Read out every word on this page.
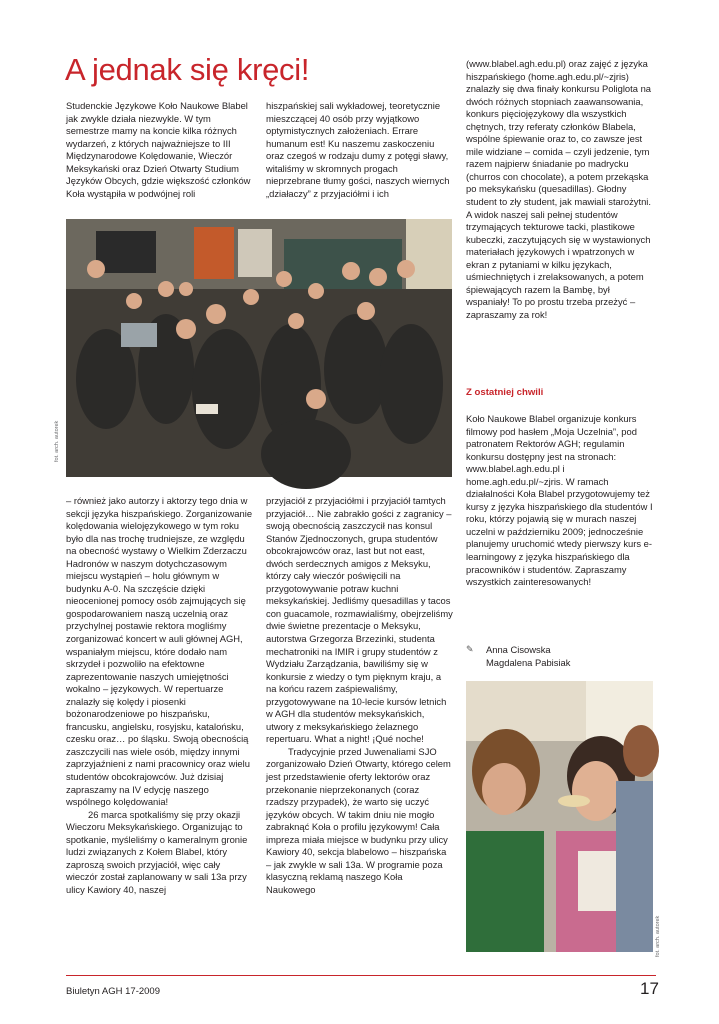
A jednak się kręci!

Studenckie Językowe Koło Naukowe Blabel jak zwykle działa niezwykle. W tym semestrze mamy na koncie kilka różnych wydarzeń, z których najważniejsze to III Międzynarodowe Kolędowanie, Wieczór Meksykański oraz Dzień Otwarty Studium Języków Obcych, gdzie większość członków Koła wystąpiła w podwójnej roli

hiszpańskiej sali wykładowej, teoretycznie mieszczącej 40 osób przy wyjątkowo optymistycznych założeniach. Errare humanum est! Ku naszemu zaskoczeniu oraz czegoś w rodzaju dumy z potęgi sławy, witaliśmy w skromnych progach nieprzebrane tłumy gości, naszych wiernych „działaczy” z przyjaciółmi i ich

fot. arch. autorek

– również jako autorzy i aktorzy tego dnia w sekcji języka hiszpańskiego. Zorganizowanie kolędowania wielojęzykowego w tym roku było dla nas trochę trudniejsze, ze względu na obecność wystawy o Wielkim Zderzaczu Hadronów w naszym dotychczasowym miejscu wystąpień – holu głównym w budynku A-0. Na szczęście dzięki nieocenionej pomocy osób zajmujących się gospodarowaniem naszą uczelnią oraz przychylnej postawie rektora mogliśmy zorganizować koncert w auli głównej AGH, wspaniałym miejscu, które dodało nam skrzydeł i pozwoliło na efektowne zaprezentowanie naszych umiejętności wokalno – językowych. W repertuarze znalazły się kolędy i piosenki bożonarodzeniowe po hiszpańsku, francusku, angielsku, rosyjsku, katalońsku, czesku oraz… po śląsku. Swoją obecnością zaszczycili nas wiele osób, między innymi zaprzyjaźnieni z nami pracownicy oraz wielu studentów obcokrajowców. Już dzisiaj zapraszamy na IV edycję naszego wspólnego kolędowania!

26 marca spotkaliśmy się przy okazji Wieczoru Meksykańskiego. Organizując to spotkanie, myśleliśmy o kameralnym gronie ludzi związanych z Kołem Blabel, który zaproszą swoich przyjaciół, więc cały wieczór został zaplanowany w sali 13a przy ulicy Kawiory 40, naszej

przyjaciół z przyjaciółmi i przyjaciół tamtych przyjaciół… Nie zabrakło gości z zagranicy – swoją obecnością zaszczycił nas konsul Stanów Zjednoczonych, grupa studentów obcokrajowców oraz, last but not east, dwóch serdecznych amigos z Meksyku, którzy cały wieczór poświęcili na przygotowywanie potraw kuchni meksykańskiej. Jedliśmy quesadillas y tacos con guacamole, rozmawialiśmy, obejrzeliśmy dwie świetne prezentacje o Meksyku, autorstwa Grzegorza Brzezinki, studenta mechatroniki na IMIR i grupy studentów z Wydziału Zarządzania, bawiliśmy się w konkursie z wiedzy o tym pięknym kraju, a na końcu razem zaśpiewaliśmy, przygotowywane na 10-lecie kursów letnich w AGH dla studentów meksykańskich, utwory z meksykańskiego żelaznego repertuaru. What a night! ¡Qué noche!

Tradycyjnie przed Juwenaliami SJO zorganizowało Dzień Otwarty, którego celem jest przedstawienie oferty lektorów oraz przekonanie nieprzekonanych (coraz rzadszy przypadek), że warto się uczyć języków obcych. W takim dniu nie mogło zabraknąć Koła o profilu językowym! Cała impreza miała miejsce w budynku przy ulicy Kawiory 40, sekcja blabelowo – hiszpańska – jak zwykle w sali 13a. W programie poza klasyczną reklamą naszego Koła Naukowego

(www.blabel.agh.edu.pl) oraz zajęć z języka hiszpańskiego (home.agh.edu.pl/~zjris) znalazły się dwa finały konkursu Poliglota na dwóch różnych stopniach zaawansowania, konkurs pięciojęzykowy dla wszystkich chętnych, trzy referaty członków Blabela, wspólne śpiewanie oraz to, co zawsze jest mile widziane – comida – czyli jedzenie, tym razem najpierw śniadanie po madrycku (churros con chocolate), a potem przekąska po meksykańsku (quesadillas). Głodny student to zły student, jak mawiali starożytni. A widok naszej sali pełnej studentów trzymających tekturowe tacki, plastikowe kubeczki, zaczytujących się w wystawionych materiałach językowych i wpatrzonych w ekran z pytaniami w kilku językach, uśmiechniętych i zrelaksowanych, a potem śpiewających razem la Bambę, był wspaniały! To po prostu trzeba przeżyć – zapraszamy za rok!

Z ostatniej chwili

Koło Naukowe Blabel organizuje konkurs filmowy pod hasłem „Moja Uczelnia”, pod patronatem Rektorów AGH; regulamin konkursu dostępny jest na stronach: www.blabel.agh.edu.pl i home.agh.edu.pl/~zjris. W ramach działalności Koła Blabel przygotowujemy też kursy z języka hiszpańskiego dla studentów I roku, którzy pojawią się w murach naszej uczelni w październiku 2009; jednocześnie planujemy uruchomić wtedy pierwszy kurs e-learningowy z języka hiszpańskiego dla pracowników i studentów. Zapraszamy wszystkich zainteresowanych!

✎ Anna Cisowska
Magdalena Pabisiak
fot. arch. autorek
Biuletyn AGH 17-2009	17
